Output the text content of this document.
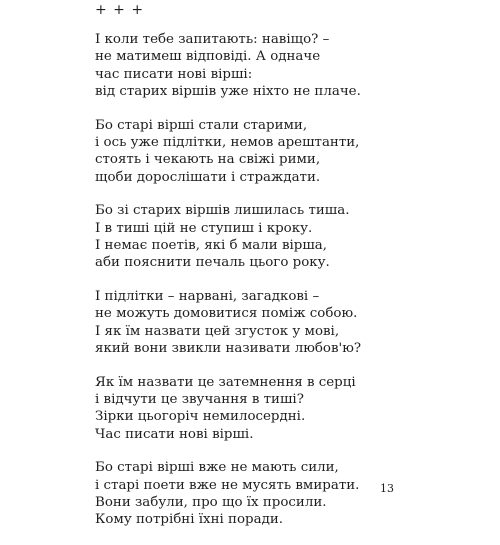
+ + +

І коли тебе запитають: навіщо? –
не матимеш відповіді. А одначе
час писати нові вірші:
від старих віршів уже ніхто не плаче.
Бо старі вірші стали старими,
і ось уже підлітки, немов арештанти,
стоять і чекають на свіжі рими,
щоби дорослішати і страждати.
Бо зі старих віршів лишилась тиша.
І в тиші цій не ступиш і кроку.
І немає поетів, які б мали вірша,
аби пояснити печаль цього року.
І підлітки – нарвані, загадкові –
не можуть домовитися поміж собою.
І як їм назвати цей згусток у мові,
який вони звикли називати любов'ю?
Як їм назвати це затемнення в серці
і відчути це звучання в тиші?
Зірки цьогоріч немилосердні.
Час писати нові вірші.
Бо старі вірші вже не мають сили,
і старі поети вже не мусять вмирати.
Вони забули, про що їх просили.
Кому потрібні їхні поради.
13
